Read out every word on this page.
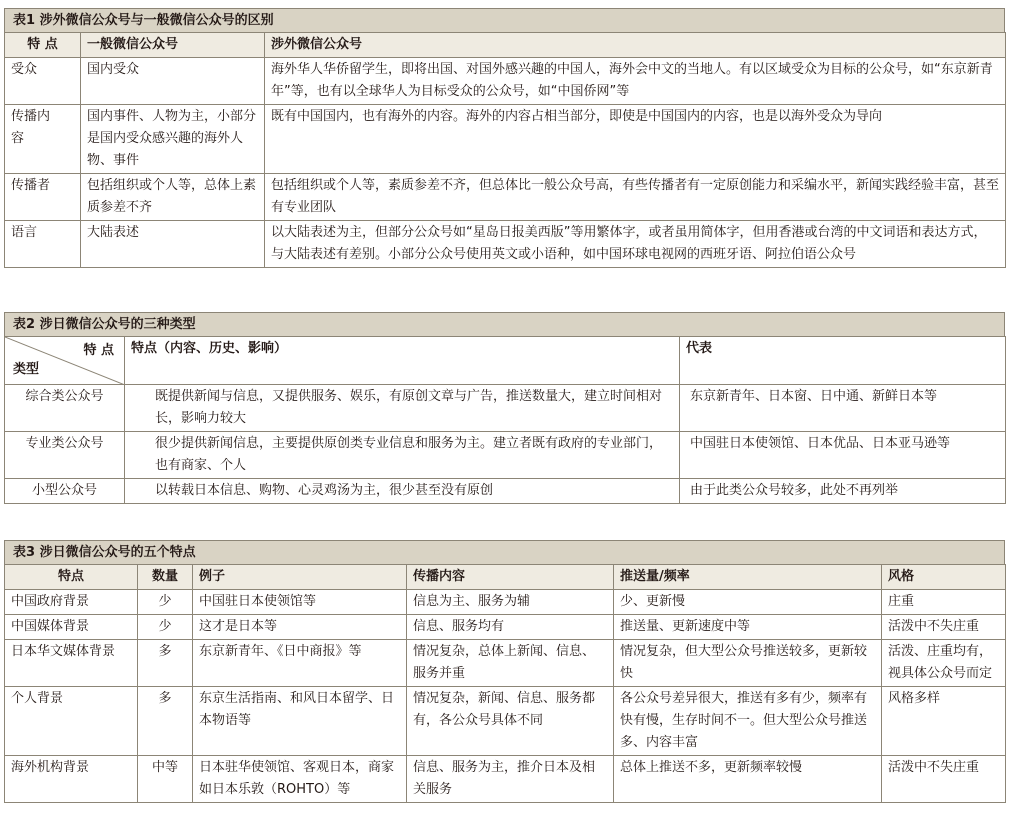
表1 涉外微信公众号与一般微信公众号的区别
特 点	一般微信公众号	涉外微信公众号
受众	国内受众	海外华人华侨留学生，即将出国、对国外感兴趣的中国人，海外会中文的当地人。有以区域受众为目标的公众号，如“东京新青年”等，也有以全球华人为目标受众的公众号，如“中国侨网”等
传播内容	国内事件、人物为主，小部分是国内受众感兴趣的海外人物、事件	既有中国国内，也有海外的内容。海外的内容占相当部分，即使是中国国内的内容，也是以海外受众为导向
传播者	包括组织或个人等，总体上素质参差不齐	包括组织或个人等，素质参差不齐，但总体比一般公众号高，有些传播者有一定原创能力和采编水平，新闻实践经验丰富，甚至有专业团队
语言	大陆表述	以大陆表述为主，但部分公众号如“星岛日报美西版”等用繁体字，或者虽用简体字，但用香港或台湾的中文词语和表达方式，与大陆表述有差别。小部分公众号使用英文或小语种，如中国环球电视网的西班牙语、阿拉伯语公众号
表2 涉日微信公众号的三种类型
特 点
类型	特点（内容、历史、影响）	代表
综合类公众号	既提供新闻与信息，又提供服务、娱乐，有原创文章与广告，推送数量大，建立时间相对长，影响力较大	东京新青年、日本窗、日中通、新鲜日本等
专业类公众号	很少提供新闻信息，主要提供原创类专业信息和服务为主。建立者既有政府的专业部门，也有商家、个人	中国驻日本使领馆、日本优品、日本亚马逊等
小型公众号	以转载日本信息、购物、心灵鸡汤为主，很少甚至没有原创	由于此类公众号较多，此处不再列举
表3 涉日微信公众号的五个特点
特点	数量	例子	传播内容	推送量/频率	风格
中国政府背景	少	中国驻日本使领馆等	信息为主、服务为辅	少、更新慢	庄重
中国媒体背景	少	这才是日本等	信息、服务均有	推送量、更新速度中等	活泼中不失庄重
日本华文媒体背景	多	东京新青年、《日中商报》等	情况复杂，总体上新闻、信息、服务并重	情况复杂，但大型公众号推送较多，更新较快	活泼、庄重均有，视具体公众号而定
个人背景	多	东京生活指南、和风日本留学、日本物语等	情况复杂，新闻、信息、服务都有，各公众号具体不同	各公众号差异很大，推送有多有少，频率有快有慢，生存时间不一。但大型公众号推送多、内容丰富	风格多样
海外机构背景	中等	日本驻华使领馆、客观日本，商家如日本乐敦（ROHTO）等	信息、服务为主，推介日本及相关服务	总体上推送不多，更新频率较慢	活泼中不失庄重
